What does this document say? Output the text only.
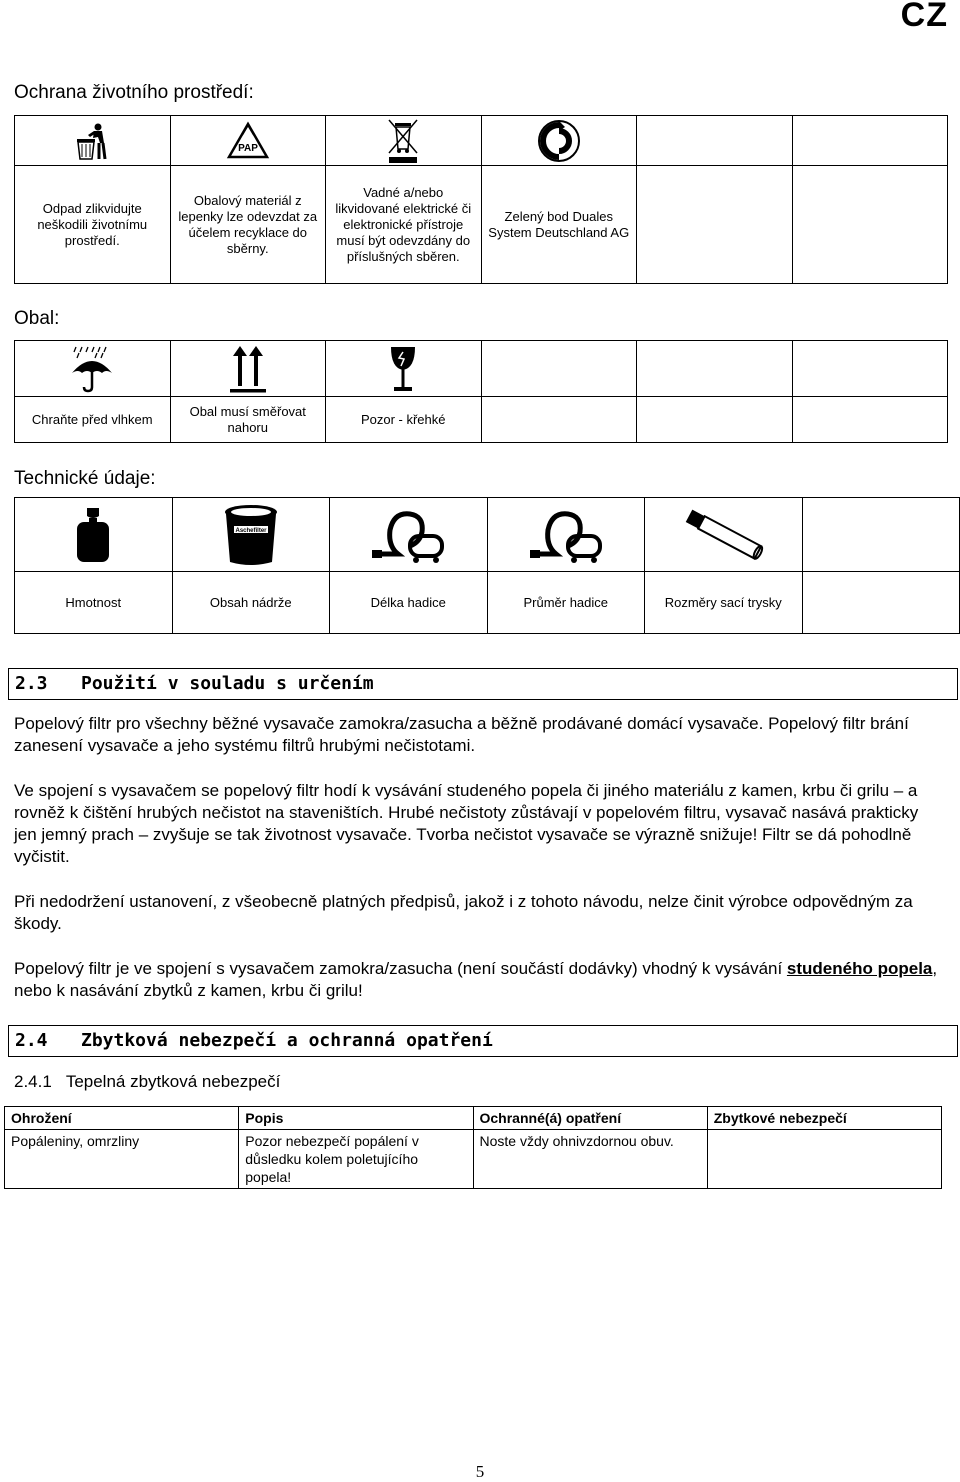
CZ
Ochrana životního prostředí:

PAP

Odpad zlikvidujte neškodili životnímu prostředí.	Obalový materiál z lepenky lze odevzdat za účelem recyklace do sběrny.	Vadné a/nebo likvidované elektrické či elektronické přístroje musí být odevzdány do příslušných sběren.	Zelený bod Duales System Deutschland AG		
Obal:

Chraňte před vlhkem	Obal musí směřovat nahoru	Pozor - křehké			
Technické údaje:

Aschefilter

Hmotnost	Obsah nádrže	Délka hadice	Průměr hadice	Rozměry sací trysky	
2.3 Použití v souladu s určením

Popelový filtr pro všechny běžné vysavače zamokra/zasucha a běžně prodávané domácí vysavače. Popelový filtr brání zanesení vysavače a jeho systému filtrů hrubými nečistotami.

Ve spojení s vysavačem se popelový filtr hodí k vysávání studeného popela či jiného materiálu z kamen, krbu či grilu – a rovněž k čištění hrubých nečistot na staveništích. Hrubé nečistoty zůstávají v popelovém filtru, vysavač nasává prakticky jen jemný prach – zvyšuje se tak životnost vysavače. Tvorba nečistot vysavače se výrazně snižuje! Filtr se dá pohodlně vyčistit.

Při nedodržení ustanovení, z všeobecně platných předpisů, jakož i z tohoto návodu, nelze činit výrobce odpovědným za škody.

Popelový filtr je ve spojení s vysavačem zamokra/zasucha (není součástí dodávky) vhodný k vysávání studeného popela, nebo k nasávání zbytků z kamen, krbu či grilu!

2.4 Zbytková nebezpečí a ochranná opatření
2.4.1 Tepelná zbytková nebezpečí
Ohrožení	Popis	Ochranné(á) opatření	Zbytkové nebezpečí
Popáleniny, omrzliny	Pozor nebezpečí popálení v důsledku kolem poletujícího popela!	Noste vždy ohnivzdornou obuv.	
5
